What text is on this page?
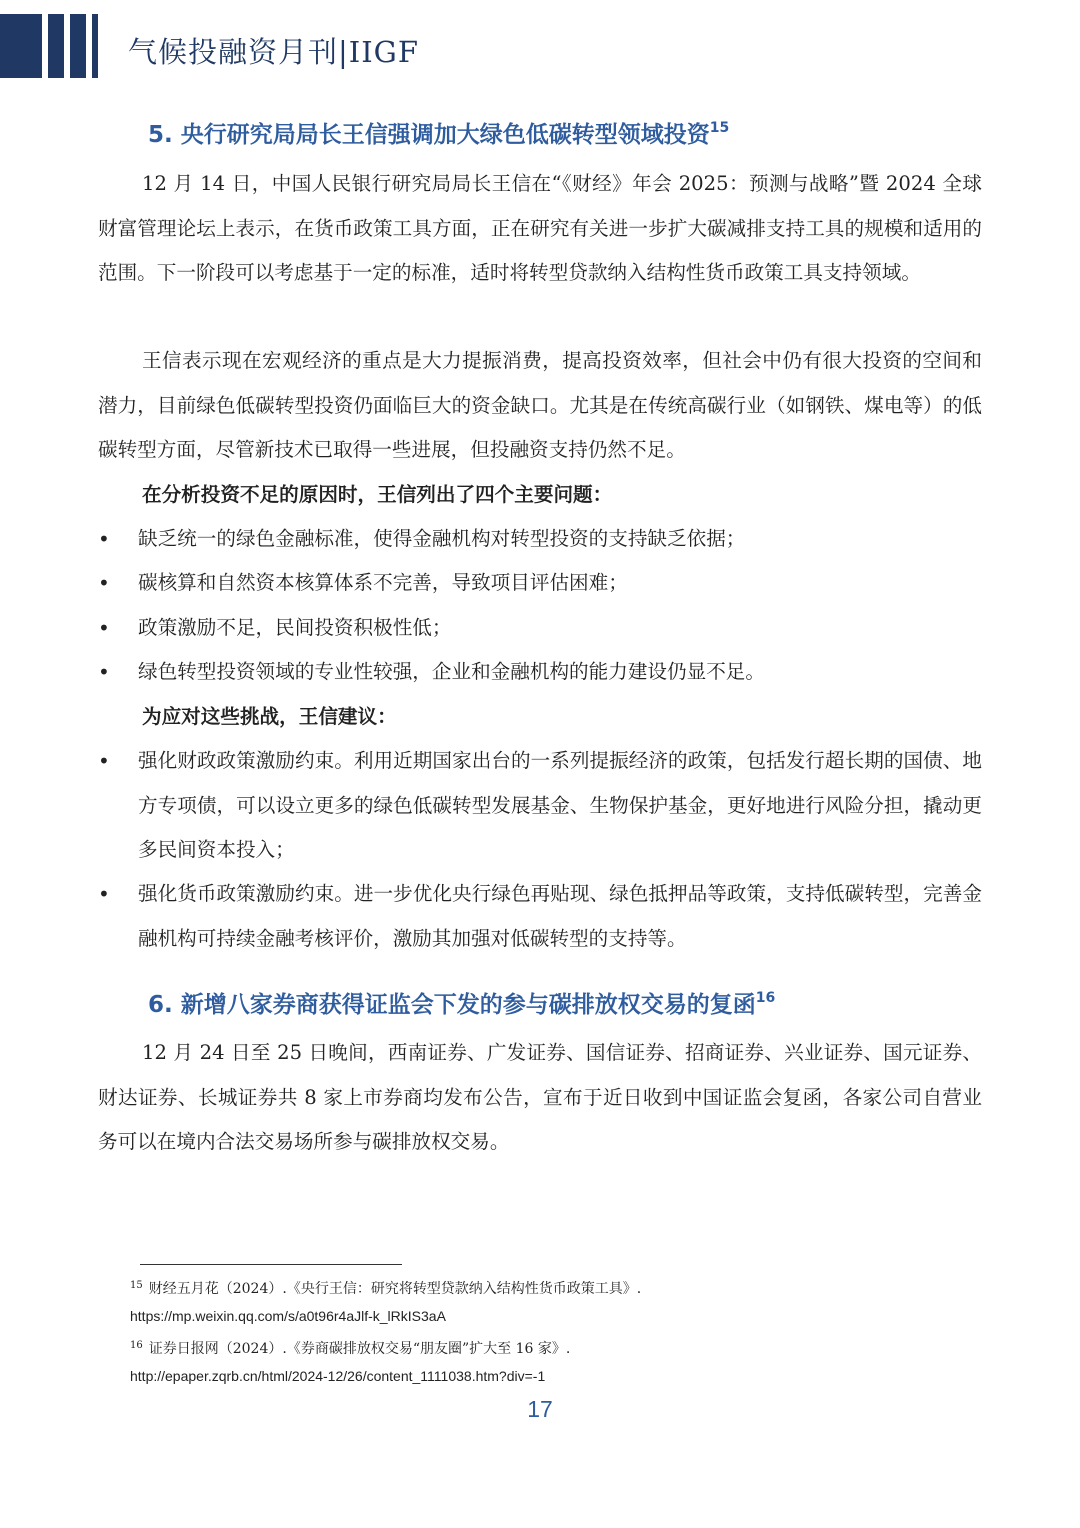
气候投融资月刊|IIGF
5. 央行研究局局长王信强调加大绿色低碳转型领域投资$^{15}$

12 月 14 日，中国人民银行研究局局长王信在“《财经》年会 2025：预测与战略”暨 2024 全球财富管理论坛上表示，在货币政策工具方面，正在研究有关进一步扩大碳减排支持工具的规模和适用的范围。下一阶段可以考虑基于一定的标准，适时将转型贷款纳入结构性货币政策工具支持领域。

王信表示现在宏观经济的重点是大力提振消费，提高投资效率，但社会中仍有很大投资的空间和潜力，目前绿色低碳转型投资仍面临巨大的资金缺口。尤其是在传统高碳行业（如钢铁、煤电等）的低碳转型方面，尽管新技术已取得一些进展，但投融资支持仍然不足。

在分析投资不足的原因时，王信列出了四个主要问题：
•	缺乏统一的绿色金融标准，使得金融机构对转型投资的支持缺乏依据；
•	碳核算和自然资本核算体系不完善，导致项目评估困难；
•	政策激励不足，民间投资积极性低；
•	绿色转型投资领域的专业性较强，企业和金融机构的能力建设仍显不足。
为应对这些挑战，王信建议：
•	强化财政政策激励约束。利用近期国家出台的一系列提振经济的政策，包括发行超长期的国债、地方专项债，可以设立更多的绿色低碳转型发展基金、生物保护基金，更好地进行风险分担，撬动更多民间资本投入；
•	强化货币政策激励约束。进一步优化央行绿色再贴现、绿色抵押品等政策，支持低碳转型，完善金融机构可持续金融考核评价，激励其加强对低碳转型的支持等。
6. 新增八家券商获得证监会下发的参与碳排放权交易的复函$^{16}$

12 月 24 日至 25 日晚间，西南证券、广发证券、国信证券、招商证券、兴业证券、国元证券、财达证券、长城证券共 8 家上市券商均发布公告，宣布于近日收到中国证监会复函，各家公司自营业务可以在境内合法交易场所参与碳排放权交易。

$^{15}$ 财经五月花（2024）.《央行王信：研究将转型贷款纳入结构性货币政策工具》.
https://mp.weixin.qq.com/s/a0t96r4aJlf-k_lRkIS3aA
$^{16}$ 证券日报网（2024）.《券商碳排放权交易“朋友圈”扩大至 16 家》.
http://epaper.zqrb.cn/html/2024-12/26/content_1111038.htm?div=-1
17
